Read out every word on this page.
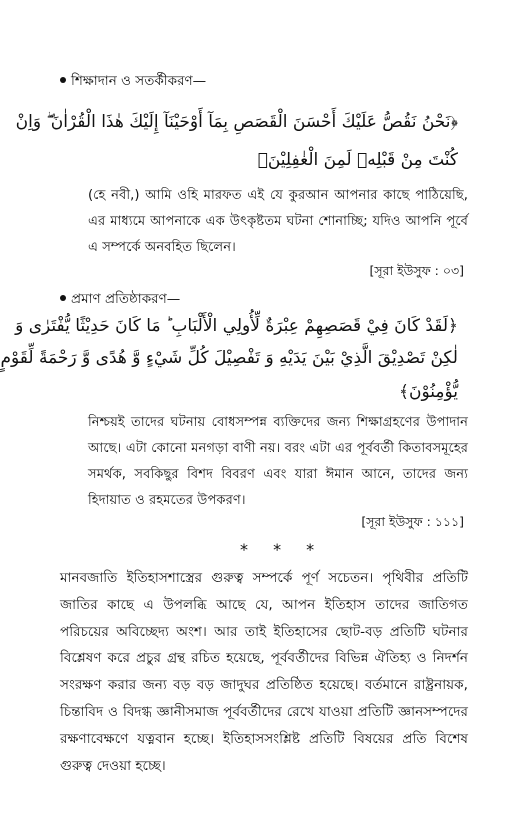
শিক্ষাদান ও সতর্কীকরণ—
﴿نَحْنُ نَقُصُّ عَلَيْكَ أَحْسَنَ الْقَصَصِ بِمَآ أَوْحَيْنَآ إِلَيْكَ هٰذَا الْقُرْاٰنَ ۖ وَاِنْ
كُنْتَ مِنْ قَبْلِهٖ لَمِنَ الْغٰفِلِيْنَ﴾

(হে নবী,) আমি ওহি মারফত এই যে কুরআন আপনার কাছে পাঠিয়েছি, এর মাধ্যমে আপনাকে এক উৎকৃষ্টতম ঘটনা শোনাচ্ছি; যদিও আপনি পূর্বে এ সম্পর্কে অনবহিত ছিলেন।

[সূরা ইউসুফ : ০৩]
প্রমাণ প্রতিষ্ঠাকরণ—
﴿لَقَدْ كَانَ فِيْ قَصَصِهِمْ عِبْرَةٌ لِّأُولِي الْأَلْبَابِ ؕ مَا كَانَ حَدِيْثًا يُّفْتَرٰى وَ
لٰكِنْ تَصْدِيْقَ الَّذِيْ بَيْنَ يَدَيْهِ وَ تَفْصِيْلَ كُلِّ شَيْءٍ وَّ هُدًى وَّ رَحْمَةً لِّقَوْمٍ
يُّؤْمِنُوْنَ﴾

নিশ্চয়ই তাদের ঘটনায় বোধসম্পন্ন ব্যক্তিদের জন্য শিক্ষাগ্রহণের উপাদান আছে। এটা কোনো মনগড়া বাণী নয়। বরং এটা এর পূর্ববর্তী কিতাবসমূহের সমর্থক, সবকিছুর বিশদ বিবরণ এবং যারা ঈমান আনে, তাদের জন্য হিদায়াত ও রহমতের উপকরণ।

[সূরা ইউসুফ : ১১১]
* * *

মানবজাতি ইতিহাসশাস্ত্রের গুরুত্ব সম্পর্কে পূর্ণ সচেতন। পৃথিবীর প্রতিটি জাতির কাছে এ উপলব্ধি আছে যে, আপন ইতিহাস তাদের জাতিগত পরিচয়ের অবিচ্ছেদ্য অংশ। আর তাই ইতিহাসের ছোট-বড় প্রতিটি ঘটনার বিশ্লেষণ করে প্রচুর গ্রন্থ রচিত হয়েছে, পূর্ববর্তীদের বিভিন্ন ঐতিহ্য ও নিদর্শন সংরক্ষণ করার জন্য বড় বড় জাদুঘর প্রতিষ্ঠিত হয়েছে। বর্তমানে রাষ্ট্রনায়ক, চিন্তাবিদ ও বিদগ্ধ জ্ঞানীসমাজ পূর্ববর্তীদের রেখে যাওয়া প্রতিটি জ্ঞানসম্পদের রক্ষণাবেক্ষণে যত্নবান হচ্ছে। ইতিহাসসংশ্লিষ্ট প্রতিটি বিষয়ের প্রতি বিশেষ গুরুত্ব দেওয়া হচ্ছে।
